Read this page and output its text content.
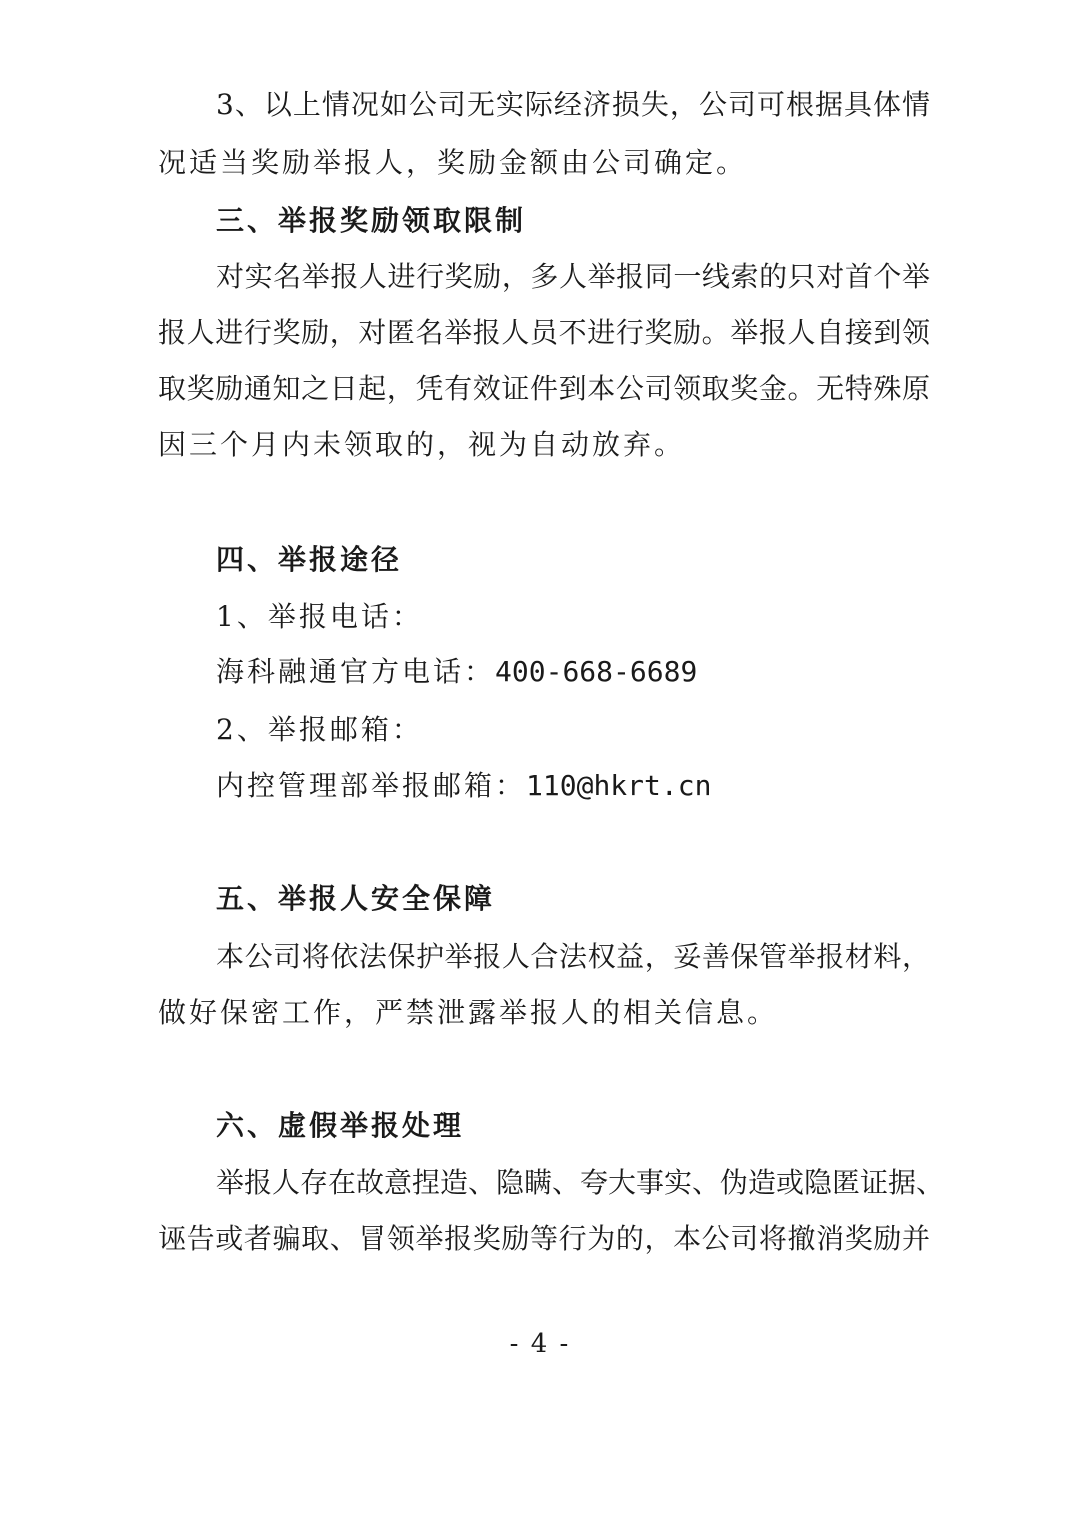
3、以上情况如公司无实际经济损失，公司可根据具体情

况适当奖励举报人，奖励金额由公司确定。

三、举报奖励领取限制

对实名举报人进行奖励，多人举报同一线索的只对首个举

报人进行奖励，对匿名举报人员不进行奖励。举报人自接到领

取奖励通知之日起，凭有效证件到本公司领取奖金。无特殊原

因三个月内未领取的，视为自动放弃。

四、举报途径

1、举报电话：

海科融通官方电话：400-668-6689

2、举报邮箱：

内控管理部举报邮箱：110@hkrt.cn

五、举报人安全保障

本公司将依法保护举报人合法权益，妥善保管举报材料，

做好保密工作，严禁泄露举报人的相关信息。

六、虚假举报处理

举报人存在故意捏造、隐瞒、夸大事实、伪造或隐匿证据、

诬告或者骗取、冒领举报奖励等行为的，本公司将撤消奖励并

- 4 -
